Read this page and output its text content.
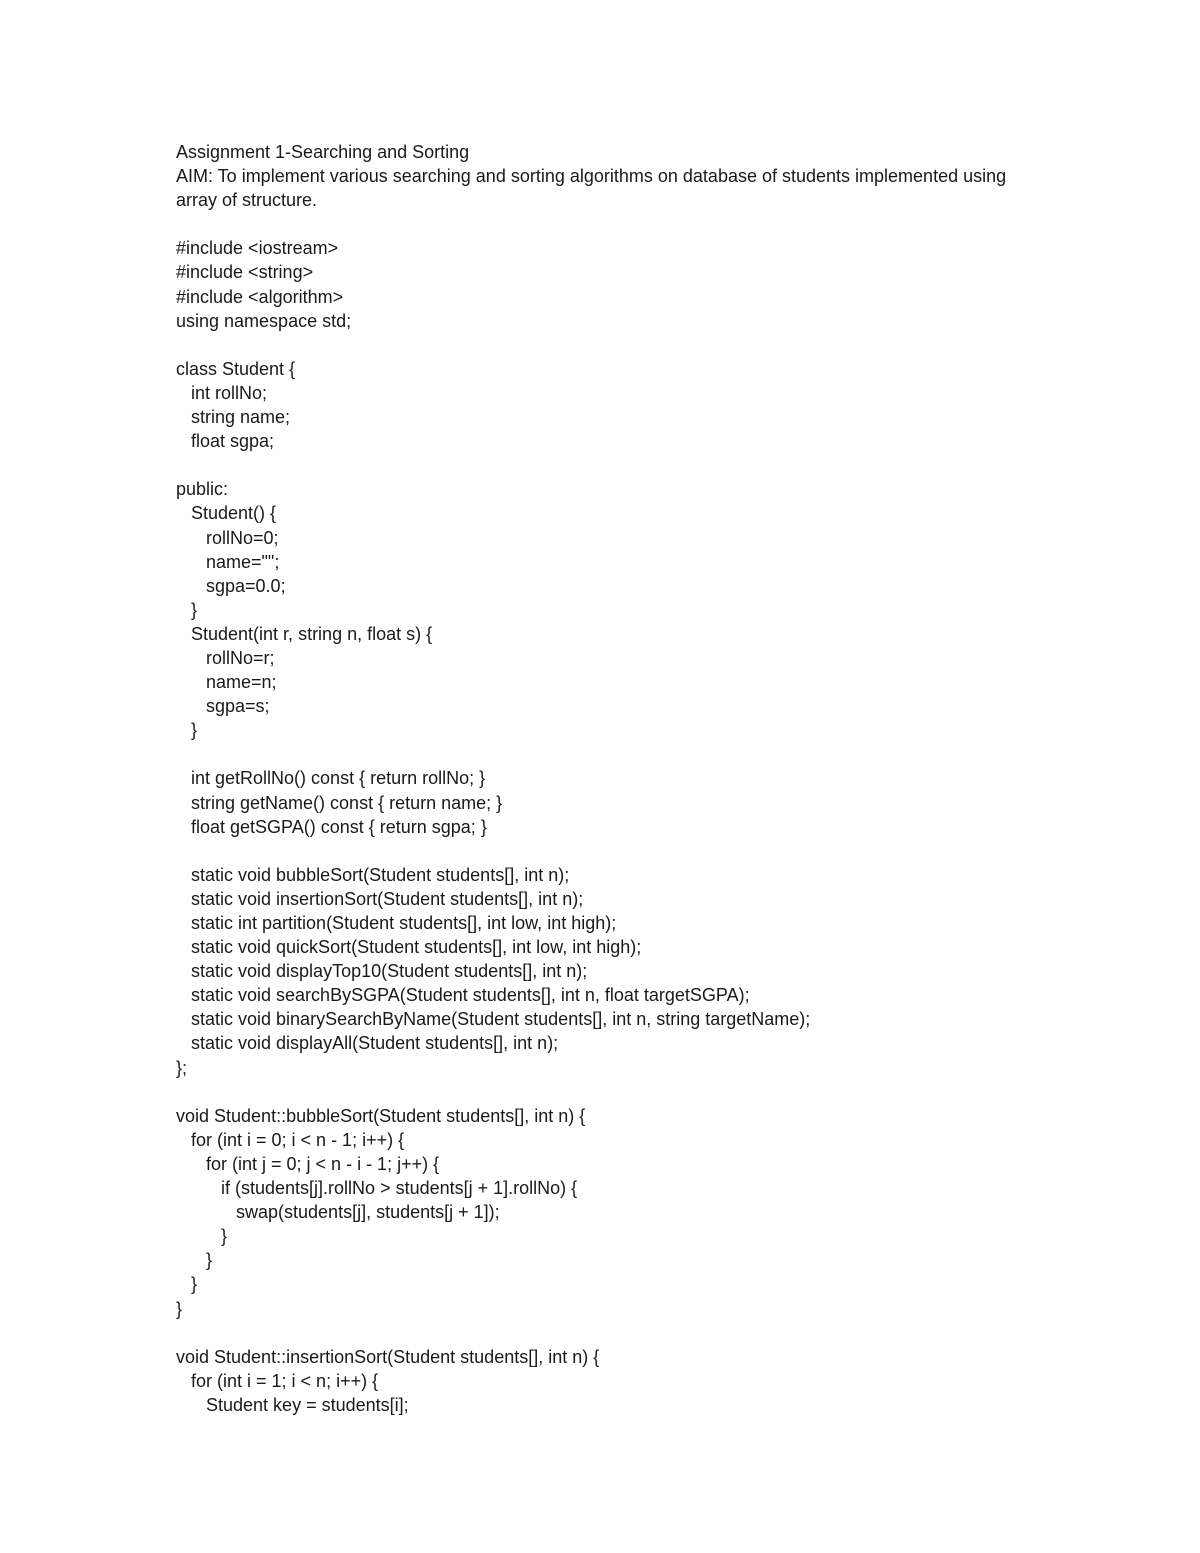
Assignment 1-Searching and Sorting
AIM: To implement various searching and sorting algorithms on database of students implemented using
array of structure.
#include <iostream>
#include <string>
#include <algorithm>
using namespace std;
class Student {
int rollNo;
string name;
float sgpa;
public:
Student() {
rollNo=0;
name="";
sgpa=0.0;
}
Student(int r, string n, float s) {
rollNo=r;
name=n;
sgpa=s;
}
int getRollNo() const { return rollNo; }
string getName() const { return name; }
float getSGPA() const { return sgpa; }
static void bubbleSort(Student students[], int n);
static void insertionSort(Student students[], int n);
static int partition(Student students[], int low, int high);
static void quickSort(Student students[], int low, int high);
static void displayTop10(Student students[], int n);
static void searchBySGPA(Student students[], int n, float targetSGPA);
static void binarySearchByName(Student students[], int n, string targetName);
static void displayAll(Student students[], int n);
};
void Student::bubbleSort(Student students[], int n) {
for (int i = 0; i < n - 1; i++) {
for (int j = 0; j < n - i - 1; j++) {
if (students[j].rollNo > students[j + 1].rollNo) {
swap(students[j], students[j + 1]);
}
}
}
}
void Student::insertionSort(Student students[], int n) {
for (int i = 1; i < n; i++) {
Student key = students[i];
